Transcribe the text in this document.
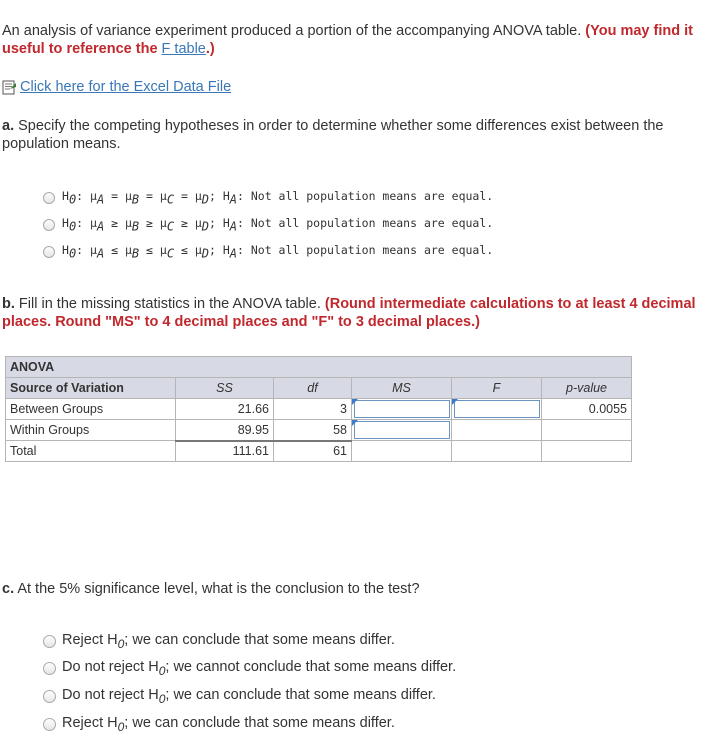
An analysis of variance experiment produced a portion of the accompanying ANOVA table. (You may find it useful to reference the F table.)
Click here for the Excel Data File
a. Specify the competing hypotheses in order to determine whether some differences exist between the population means.
$H_0$: $\mu_A = \mu_B = \mu_C = \mu_D$; $H_A$: Not all population means are equal.
$H_0$: $\mu_A \ge \mu_B \ge \mu_C \ge \mu_D$; $H_A$: Not all population means are equal.
$H_0$: $\mu_A \le \mu_B \le \mu_C \le \mu_D$; $H_A$: Not all population means are equal.
b. Fill in the missing statistics in the ANOVA table. (Round intermediate calculations to at least 4 decimal places. Round "MS" to 4 decimal places and "F" to 3 decimal places.)
ANOVA					
Source of Variation	SS	df	MS	F	p-value
Between Groups	21.66	3			0.0055
Within Groups	89.95	58	

Total	111.61	61			
c. At the 5% significance level, what is the conclusion to the test?
Reject $H_0$; we can conclude that some means differ.
Do not reject $H_0$; we cannot conclude that some means differ.
Do not reject $H_0$; we can conclude that some means differ.
Reject $H_0$; we can conclude that some means differ.
